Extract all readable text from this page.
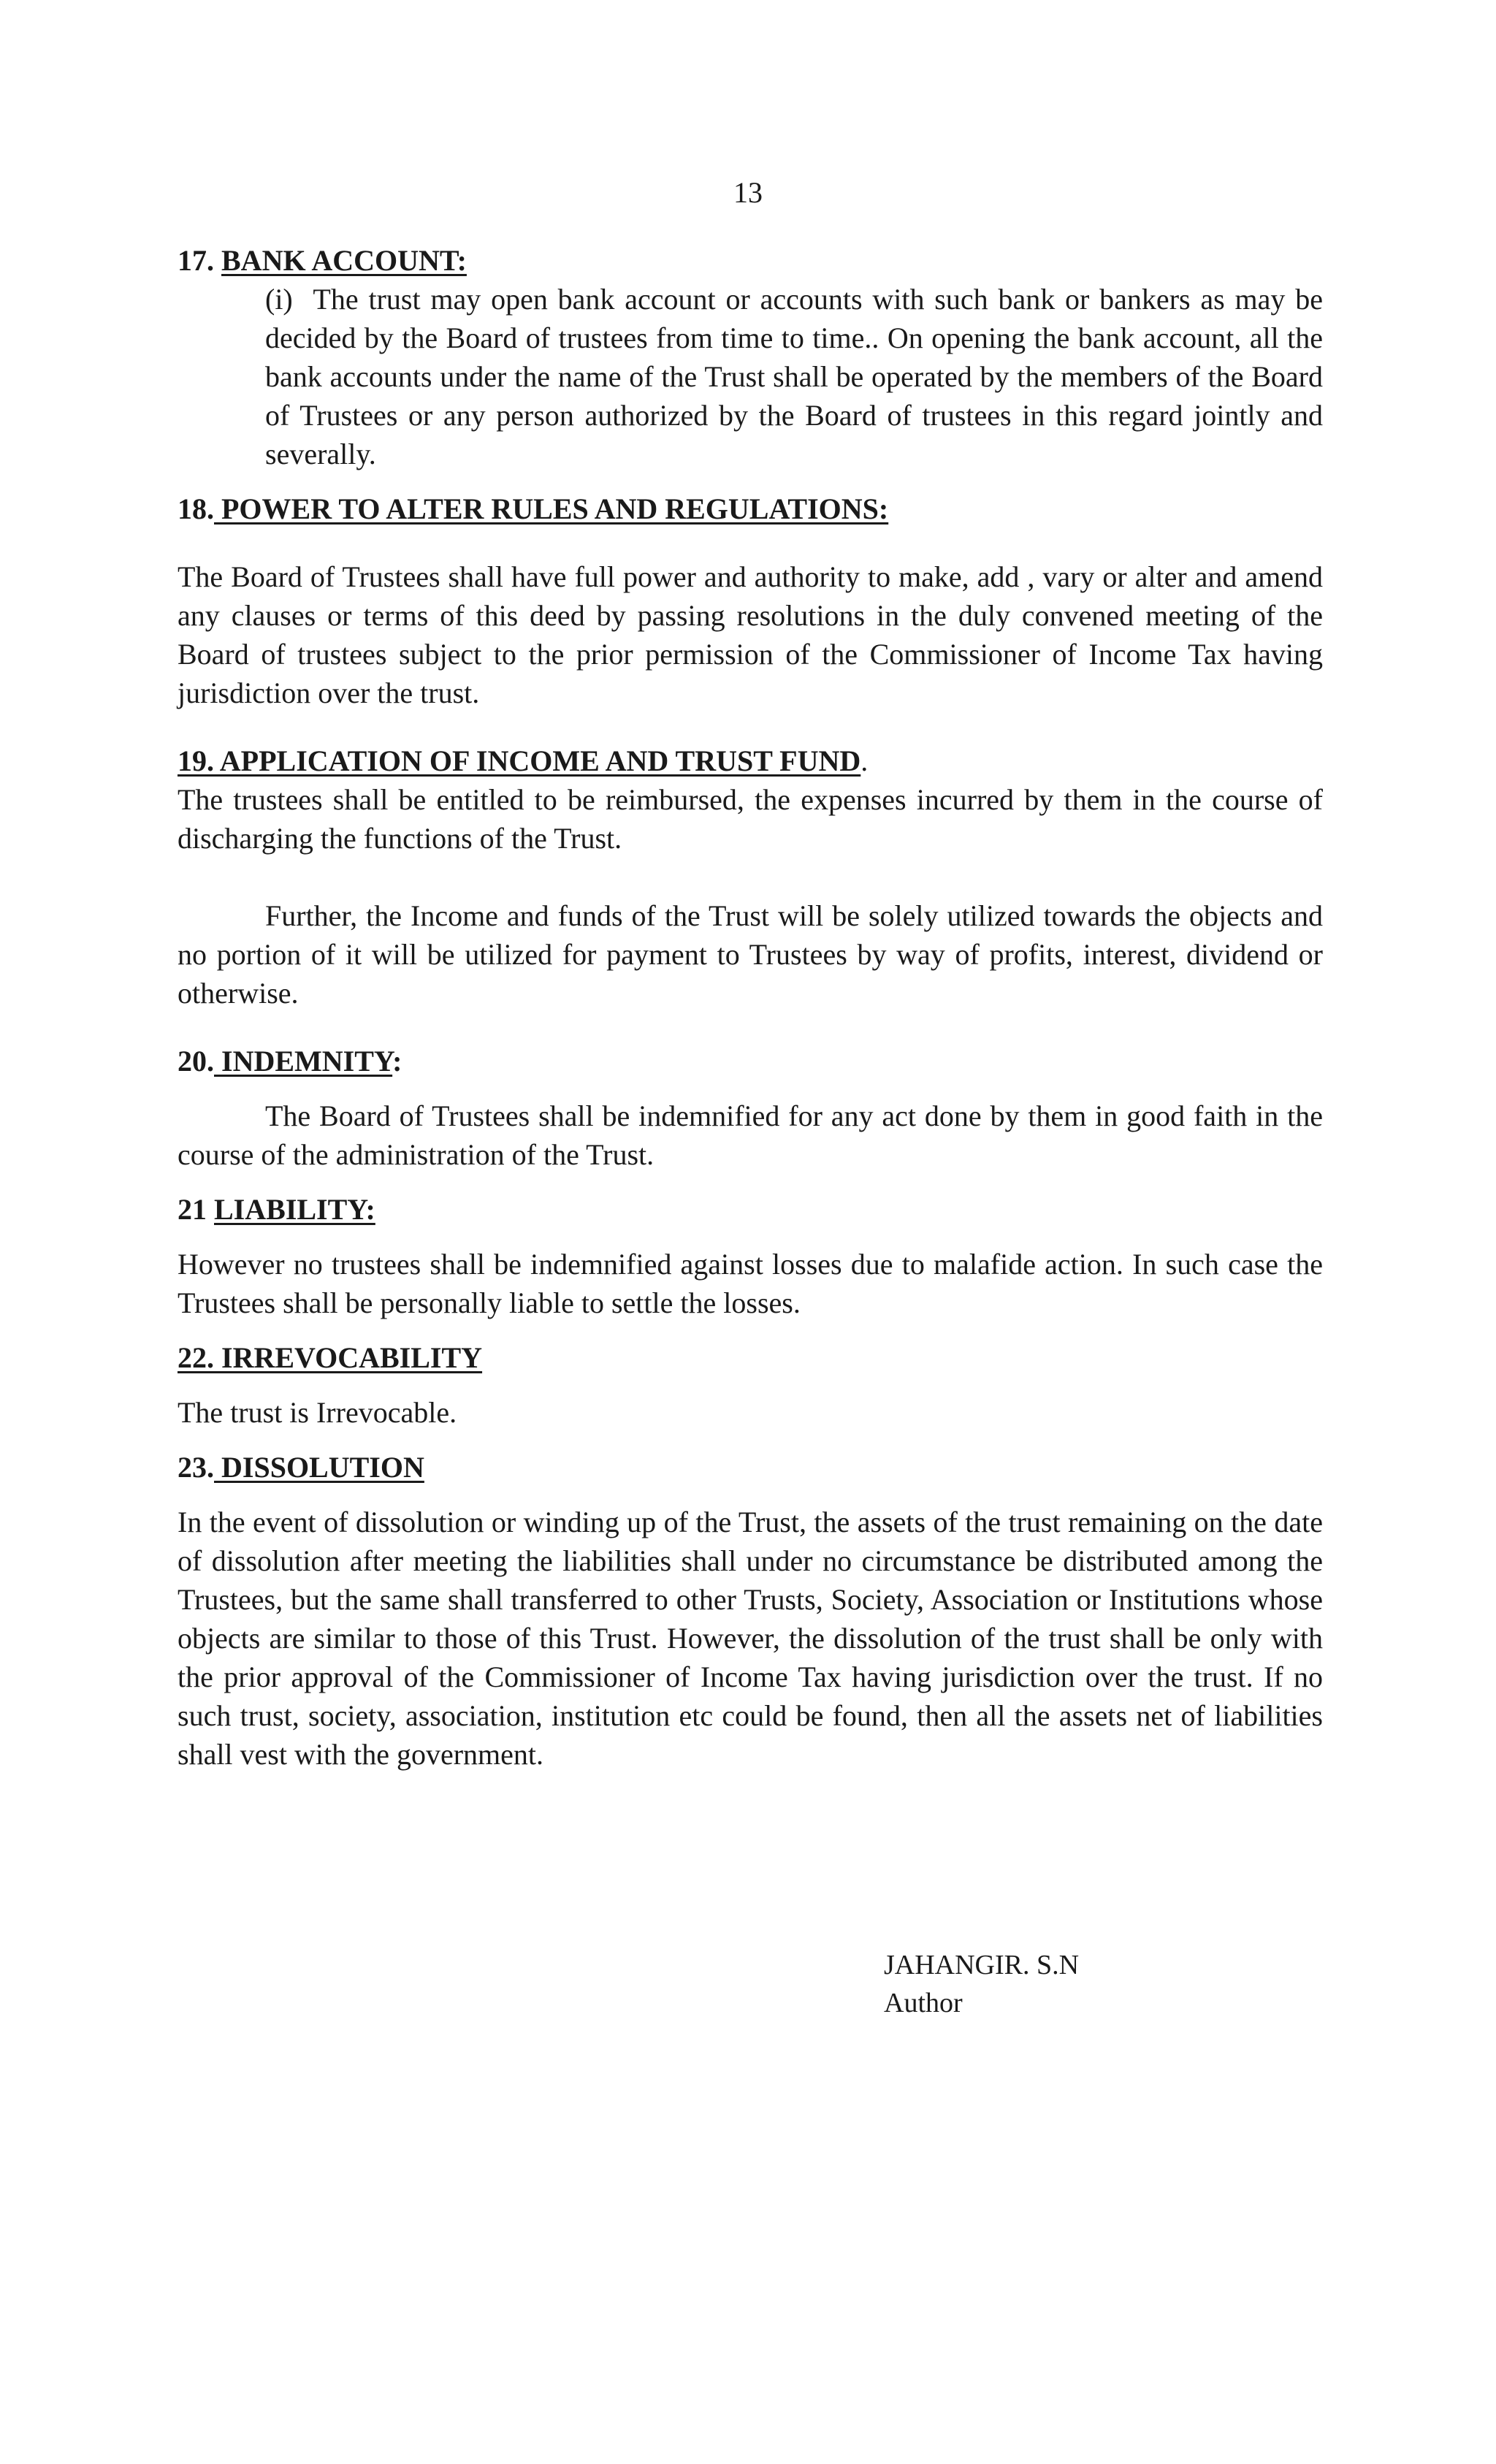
13

17. BANK ACCOUNT:

(i) The trust may open bank account or accounts with such bank or bankers as may be decided by the Board of trustees from time to time.. On opening the bank account, all the bank accounts under the name of the Trust shall be operated by the members of the Board of Trustees or any person authorized by the Board of trustees in this regard jointly and severally.

18. POWER TO ALTER RULES AND REGULATIONS:

The Board of Trustees shall have full power and authority to make, add , vary or alter and amend any clauses or terms of this deed by passing resolutions in the duly convened meeting of the Board of trustees subject to the prior permission of the Commissioner of Income Tax having jurisdiction over the trust.

19. APPLICATION OF INCOME AND TRUST FUND.

The trustees shall be entitled to be reimbursed, the expenses incurred by them in the course of discharging the functions of the Trust.

Further, the Income and funds of the Trust will be solely utilized towards the objects and no portion of it will be utilized for payment to Trustees by way of profits, interest, dividend or otherwise.

20. INDEMNITY:

The Board of Trustees shall be indemnified for any act done by them in good faith in the course of the administration of the Trust.

21 LIABILITY:

However no trustees shall be indemnified against losses due to malafide action. In such case the Trustees shall be personally liable to settle the losses.

22. IRREVOCABILITY

The trust is Irrevocable.

23. DISSOLUTION

In the event of dissolution or winding up of the Trust, the assets of the trust remaining on the date of dissolution after meeting the liabilities shall under no circumstance be distributed among the Trustees, but the same shall transferred to other Trusts, Society, Association or Institutions whose objects are similar to those of this Trust. However, the dissolution of the trust shall be only with the prior approval of the Commissioner of Income Tax having jurisdiction over the trust. If no such trust, society, association, institution etc could be found, then all the assets net of liabilities shall vest with the government.

JAHANGIR. S.N
Author
